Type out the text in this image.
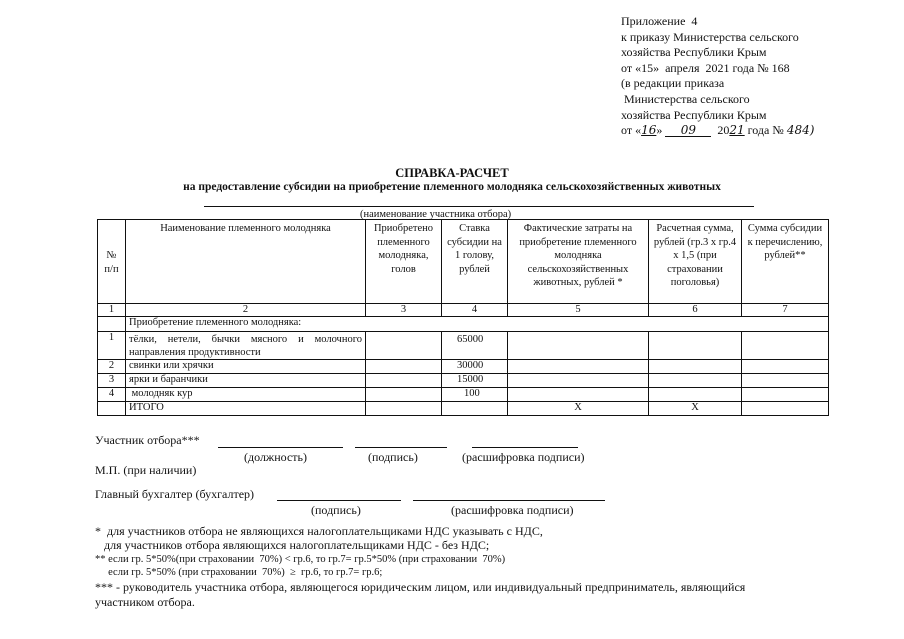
Приложение  4
к приказу Министерства сельского
хозяйства Республики Крым
от «15»  апреля  2021 года № 168
(в редакции приказа
Министерства сельского
хозяйства Республики Крым
от «16» 09  2021 года № 484)
СПРАВКА-РАСЧЕТ
на предоставление субсидии на приобретение племенного молодняка сельскохозяйственных животных
(наименование участника отбора)
№ п/п	Наименование племенного молодняка	Приобретено племенного молодняка, голов	Ставка субсидии на 1 голову, рублей	Фактические затраты на приобретение племенного молодняка сельскохозяйственных животных, рублей *	Расчетная сумма, рублей (гр.3 х гр.4 х 1,5 (при страховании поголовья)	Сумма субсидии к перечислению, рублей**
1	2	3	4	5	6	7
	Приобретение племенного молодняка:					
1	тёлки, нетели, бычки мясного и молочного направления продуктивности		65000			
2	свинки или хрячки		30000			
3	ярки и баранчики		15000			
4	молодняк кур		100			
	ИТОГО			Х	Х	
Участник отбора***
(должность)	(подпись)	(расшифровка подписи)
М.П. (при наличии)
Главный бухгалтер (бухгалтер)
(подпись)	(расшифровка подписи)
*  для участников отбора не являющихся налогоплательщиками НДС указывать с НДС,
для участников отбора являющихся налогоплательщиками НДС - без НДС;
** если гр. 5*50%(при страховании  70%) < гр.6, то гр.7= гр.5*50% (при страховании  70%)
если гр. 5*50% (при страховании  70%)  ≥  гр.6, то гр.7= гр.6;
*** - руководитель участника отбора, являющегося юридическим лицом, или индивидуальный предприниматель, являющийся
участником отбора.
